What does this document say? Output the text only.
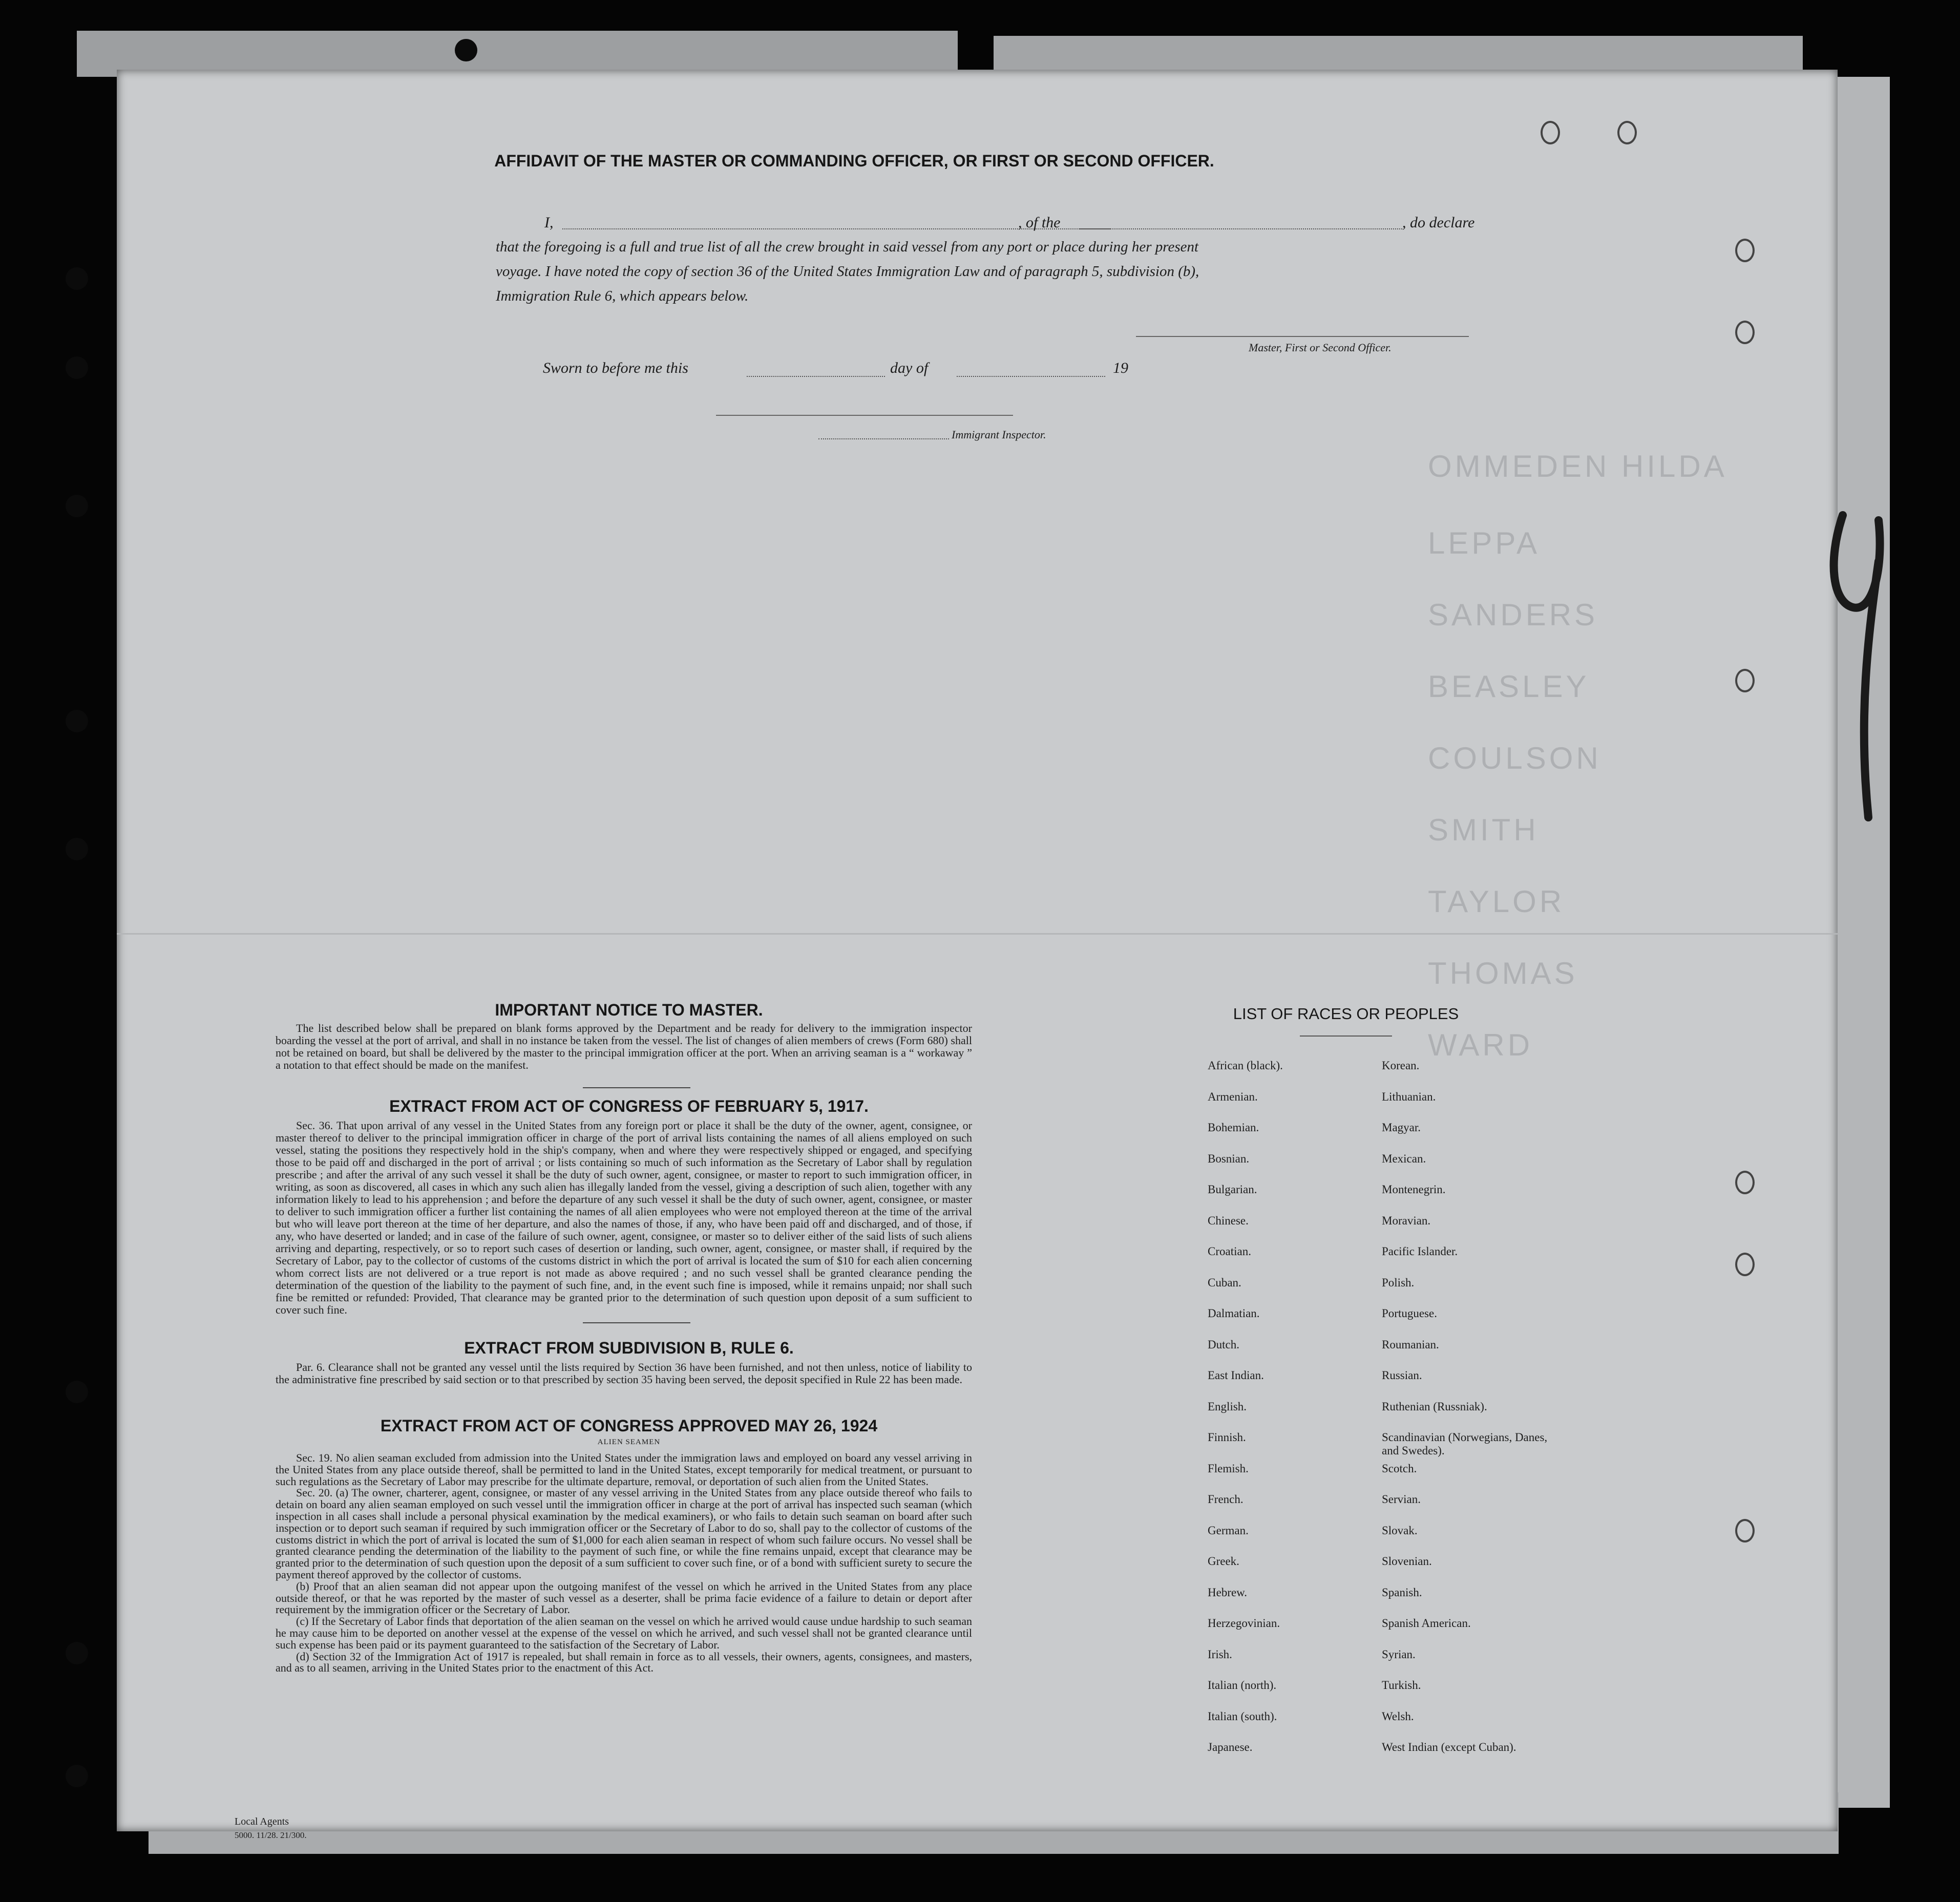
OMMEDEN HILDA
LEPPA
SANDERS
BEASLEY
COULSON
SMITH
TAYLOR
THOMAS
WARD
AFFIDAVIT OF THE MASTER OR COMMANDING OFFICER, OR FIRST OR SECOND OFFICER.
I,	, of the	, do declare
that the foregoing is a full and true list of all the crew brought in said vessel from any port or place during her present
voyage. I have noted the copy of section 36 of the United States Immigration Law and of paragraph 5, subdivision (b),
Immigration Rule 6, which appears below.
Master, First or Second Officer.
Sworn to before me this	day of	19
Immigrant Inspector.
IMPORTANT NOTICE TO MASTER.

The list described below shall be prepared on blank forms approved by the Department and be ready for delivery to the immigration inspector boarding the vessel at the port of arrival, and shall in no instance be taken from the vessel. The list of changes of alien members of crews (Form 680) shall not be retained on board, but shall be delivered by the master to the principal immigration officer at the port. When an arriving seaman is a “ workaway ” a notation to that effect should be made on the manifest.

EXTRACT FROM ACT OF CONGRESS OF FEBRUARY 5, 1917.

Sec. 36. That upon arrival of any vessel in the United States from any foreign port or place it shall be the duty of the owner, agent, consignee, or master thereof to deliver to the principal immigration officer in charge of the port of arrival lists containing the names of all aliens employed on such vessel, stating the positions they respectively hold in the ship's company, when and where they were respectively shipped or engaged, and specifying those to be paid off and discharged in the port of arrival ; or lists containing so much of such information as the Secretary of Labor shall by regulation prescribe ; and after the arrival of any such vessel it shall be the duty of such owner, agent, consignee, or master to report to such immigration officer, in writing, as soon as discovered, all cases in which any such alien has illegally landed from the vessel, giving a description of such alien, together with any information likely to lead to his apprehension ; and before the departure of any such vessel it shall be the duty of such owner, agent, consignee, or master to deliver to such immigration officer a further list containing the names of all alien employees who were not employed thereon at the time of the arrival but who will leave port thereon at the time of her departure, and also the names of those, if any, who have been paid off and discharged, and of those, if any, who have deserted or landed; and in case of the failure of such owner, agent, consignee, or master so to deliver either of the said lists of such aliens arriving and departing, respectively, or so to report such cases of desertion or landing, such owner, agent, consignee, or master shall, if required by the Secretary of Labor, pay to the collector of customs of the customs district in which the port of arrival is located the sum of $10 for each alien concerning whom correct lists are not delivered or a true report is not made as above required ; and no such vessel shall be granted clearance pending the determination of the question of the liability to the payment of such fine, and, in the event such fine is imposed, while it remains unpaid; nor shall such fine be remitted or refunded: Provided, That clearance may be granted prior to the determination of such question upon deposit of a sum sufficient to cover such fine.

EXTRACT FROM SUBDIVISION B, RULE 6.

Par. 6. Clearance shall not be granted any vessel until the lists required by Section 36 have been furnished, and not then unless, notice of liability to the administrative fine prescribed by said section or to that prescribed by section 35 having been served, the deposit specified in Rule 22 has been made.

EXTRACT FROM ACT OF CONGRESS APPROVED MAY 26, 1924
ALIEN SEAMEN

Sec. 19. No alien seaman excluded from admission into the United States under the immigration laws and employed on board any vessel arriving in the United States from any place outside thereof, shall be permitted to land in the United States, except temporarily for medical treatment, or pursuant to such regulations as the Secretary of Labor may prescribe for the ultimate departure, removal, or deportation of such alien from the United States.

Sec. 20. (a) The owner, charterer, agent, consignee, or master of any vessel arriving in the United States from any place outside thereof who fails to detain on board any alien seaman employed on such vessel until the immigration officer in charge at the port of arrival has inspected such seaman (which inspection in all cases shall include a personal physical examination by the medical examiners), or who fails to detain such seaman on board after such inspection or to deport such seaman if required by such immigration officer or the Secretary of Labor to do so, shall pay to the collector of customs of the customs district in which the port of arrival is located the sum of $1,000 for each alien seaman in respect of whom such failure occurs. No vessel shall be granted clearance pending the determination of the liability to the payment of such fine, or while the fine remains unpaid, except that clearance may be granted prior to the determination of such question upon the deposit of a sum sufficient to cover such fine, or of a bond with sufficient surety to secure the payment thereof approved by the collector of customs.

(b) Proof that an alien seaman did not appear upon the outgoing manifest of the vessel on which he arrived in the United States from any place outside thereof, or that he was reported by the master of such vessel as a deserter, shall be prima facie evidence of a failure to detain or deport after requirement by the immigration officer or the Secretary of Labor.

(c) If the Secretary of Labor finds that deportation of the alien seaman on the vessel on which he arrived would cause undue hardship to such seaman he may cause him to be deported on another vessel at the expense of the vessel on which he arrived, and such vessel shall not be granted clearance until such expense has been paid or its payment guaranteed to the satisfaction of the Secretary of Labor.

(d) Section 32 of the Immigration Act of 1917 is repealed, but shall remain in force as to all vessels, their owners, agents, consignees, and masters, and as to all seamen, arriving in the United States prior to the enactment of this Act.

LIST OF RACES OR PEOPLES
African (black).	Korean.
Armenian.	Lithuanian.
Bohemian.	Magyar.
Bosnian.	Mexican.
Bulgarian.	Montenegrin.
Chinese.	Moravian.
Croatian.	Pacific Islander.
Cuban.	Polish.
Dalmatian.	Portuguese.
Dutch.	Roumanian.
East Indian.	Russian.
English.	Ruthenian (Russniak).
Finnish.	Scandinavian (Norwegians, Danes, and Swedes).
Flemish.	Scotch.
French.	Servian.
German.	Slovak.
Greek.	Slovenian.
Hebrew.	Spanish.
Herzegovinian.	Spanish American.
Irish.	Syrian.
Italian (north).	Turkish.
Italian (south).	Welsh.
Japanese.	West Indian (except Cuban).
Local Agents
5000. 11/28. 21/300.
